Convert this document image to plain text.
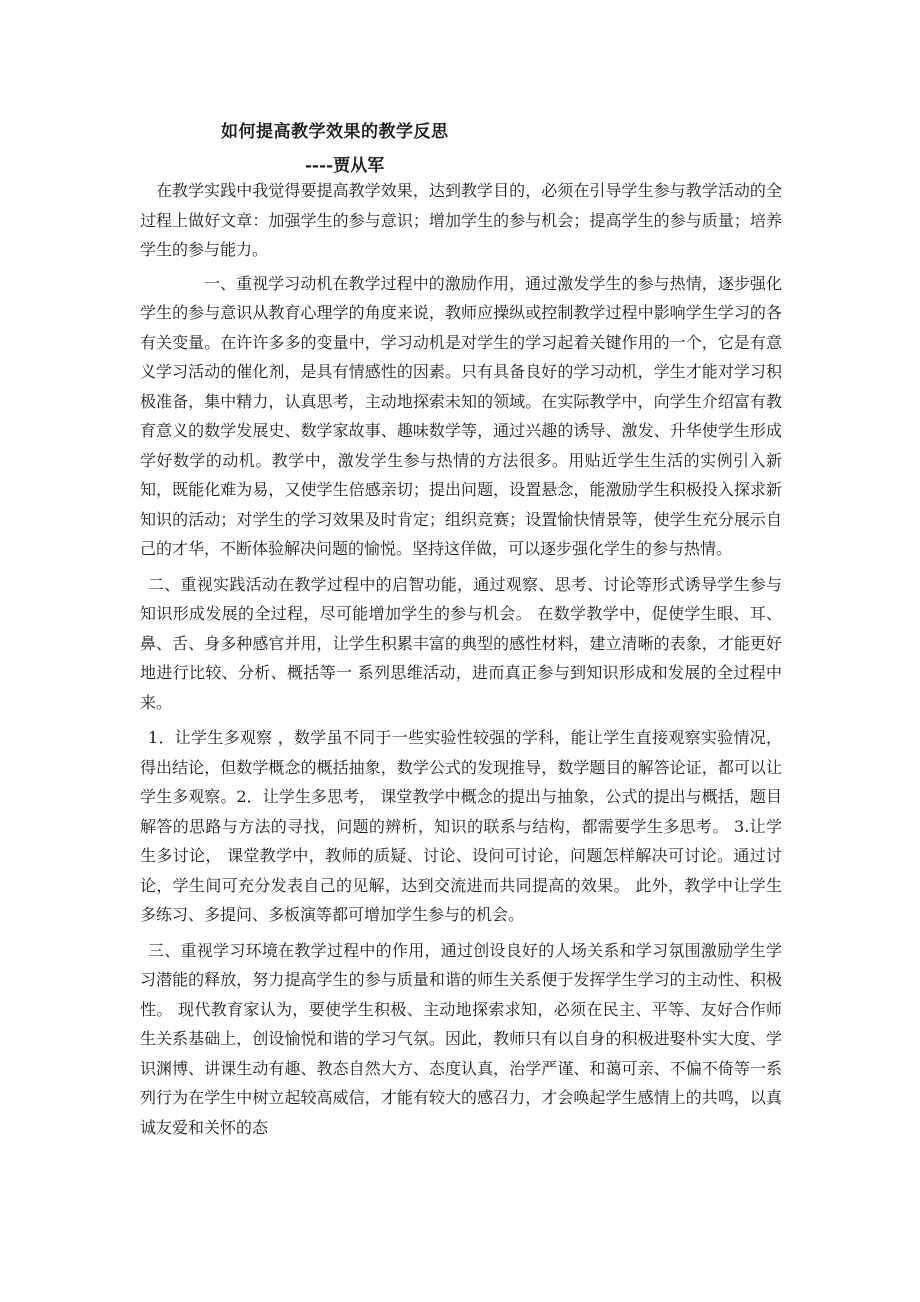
如何提高教学效果的教学反思
----贾从军

在教学实践中我觉得要提高教学效果，达到教学目的，必须在引导学生参与教学活动的全过程上做好文章：加强学生的参与意识；增加学生的参与机会；提高学生的参与质量；培养学生的参与能力。

一、重视学习动机在教学过程中的激励作用，通过激发学生的参与热情，逐步强化学生的参与意识从教育心理学的角度来说，教师应操纵或控制教学过程中影响学生学习的各有关变量。在许许多多的变量中，学习动机是对学生的学习起着关键作用的一个，它是有意义学习活动的催化剂，是具有情感性的因素。只有具备良好的学习动机，学生才能对学习积极准备，集中精力，认真思考，主动地探索未知的领域。在实际教学中，向学生介绍富有教育意义的数学发展史、数学家故事、趣味数学等，通过兴趣的诱导、激发、升华使学生形成学好数学的动机。教学中，激发学生参与热情的方法很多。用贴近学生生活的实例引入新知，既能化难为易，又使学生倍感亲切；提出问题，设置悬念，能激励学生积极投入探求新知识的活动；对学生的学习效果及时肯定；组织竞赛；设置愉快情景等，使学生充分展示自己的才华，不断体验解决问题的愉悦。坚持这佯做，可以逐步强化学生的参与热情。

二、重视实践活动在教学过程中的启智功能，通过观察、思考、讨论等形式诱导学生参与知识形成发展的全过程，尽可能增加学生的参与机会。 在数学教学中，促使学生眼、耳、鼻、舌、身多种感官并用，让学生积累丰富的典型的感性材料，建立清晰的表象，才能更好地进行比较、分析、概括等一 系列思维活动，进而真正参与到知识形成和发展的全过程中来。

1．让学生多观察 ，数学虽不同于一些实验性较强的学科，能让学生直接观察实验情况，得出结论，但数学概念的概括抽象，数学公式的发现推导，数学题目的解答论证，都可以让学生多观察。2．让学生多思考， 课堂教学中概念的提出与抽象，公式的提出与概括，题目解答的思路与方法的寻找，问题的辨析，知识的联系与结构，都需要学生多思考。 3.让学生多讨论， 课堂教学中，教师的质疑、讨论、设问可讨论，问题怎样解决可讨论。通过讨论，学生间可充分发表自己的见解，达到交流进而共同提高的效果。 此外，教学中让学生多练习、多提问、多板演等都可增加学生参与的机会。

三、重视学习环境在教学过程中的作用，通过创设良好的人场关系和学习氛围激励学生学习潜能的释放，努力提高学生的参与质量和谐的师生关系便于发挥学生学习的主动性、积极性。 现代教育家认为，要使学生积极、主动地探索求知，必须在民主、平等、友好合作师生关系基础上，创设愉悦和谐的学习气氛。因此，教师只有以自身的积极进娶朴实大度、学识渊博、讲课生动有趣、教态自然大方、态度认真，治学严谨、和蔼可亲、不偏不倚等一系列行为在学生中树立起较高威信，才能有较大的感召力，才会唤起学生感情上的共鸣，以真诚友爱和关怀的态
